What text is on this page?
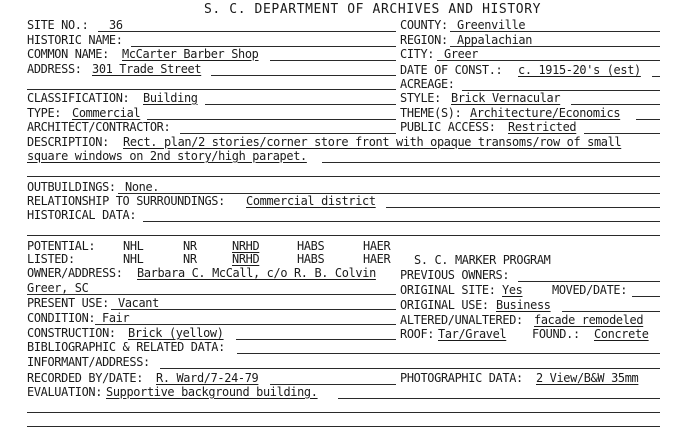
S. C. DEPARTMENT OF ARCHIVES AND HISTORY
SITE NO.: 36
HISTORIC NAME:
COMMON NAME: McCarter Barber Shop
ADDRESS: 301 Trade Street
COUNTY: Greenville
REGION: Appalachian
CITY: Greer
DATE OF CONST.: c. 1915-20's (est)
ACREAGE:
CLASSIFICATION: Building
TYPE: Commercial
ARCHITECT/CONTRACTOR:
STYLE: Brick Vernacular
THEME(S): Architecture/Economics
PUBLIC ACCESS: Restricted
DESCRIPTION: Rect. plan/2 stories/corner store front with opaque transoms/row of small
square windows on 2nd story/high parapet.
OUTBUILDINGS: None.
RELATIONSHIP TO SURROUNDINGS: Commercial district
HISTORICAL DATA:
POTENTIAL: NHL	NR	NRHD	HABS	HAER
LISTED:	NHL	NR	NRHD	HABS	HAER S. C. MARKER PROGRAM
OWNER/ADDRESS: Barbara C. McCall, c/o R. B. Colvin
Greer, SC
PRESENT USE: Vacant
CONDITION: Fair
CONSTRUCTION: Brick (yellow)
PREVIOUS OWNERS:
ORIGINAL SITE: Yes MOVED/DATE:
ORIGINAL USE: Business
ALTERED/UNALTERED: facade remodeled
ROOF: Tar/Gravel FOUND.: Concrete
BIBLIOGRAPHIC & RELATED DATA:
INFORMANT/ADDRESS:
RECORDED BY/DATE: R. Ward/7-24-79	PHOTOGRAPHIC DATA: 2 View/B&W 35mm
EVALUATION: Supportive background building.
